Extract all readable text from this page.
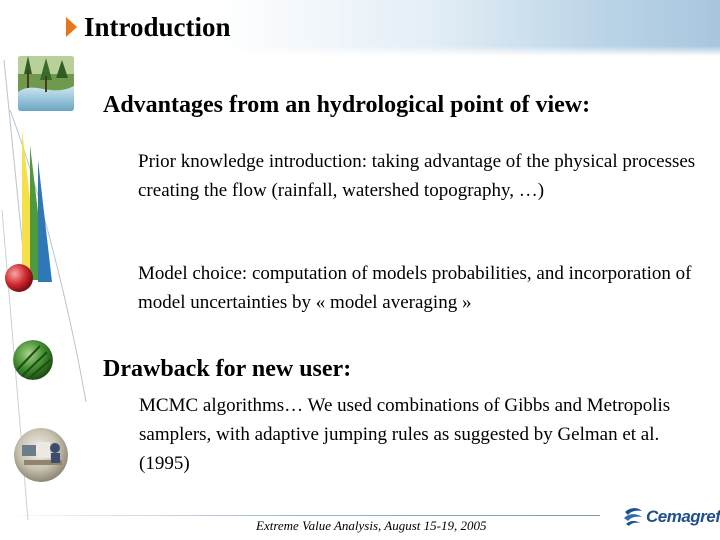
Introduction
Advantages from an hydrological point of view:
Prior knowledge introduction: taking advantage of the physical processes creating the flow (rainfall, watershed topography, …)
Model choice: computation of models probabilities, and incorporation of model uncertainties by « model averaging »
Drawback for new user:
MCMC algorithms… We used combinations of Gibbs and Metropolis samplers, with adaptive jumping rules as suggested by Gelman et al. (1995)
Extreme Value Analysis, August 15-19, 2005	Cemagref
